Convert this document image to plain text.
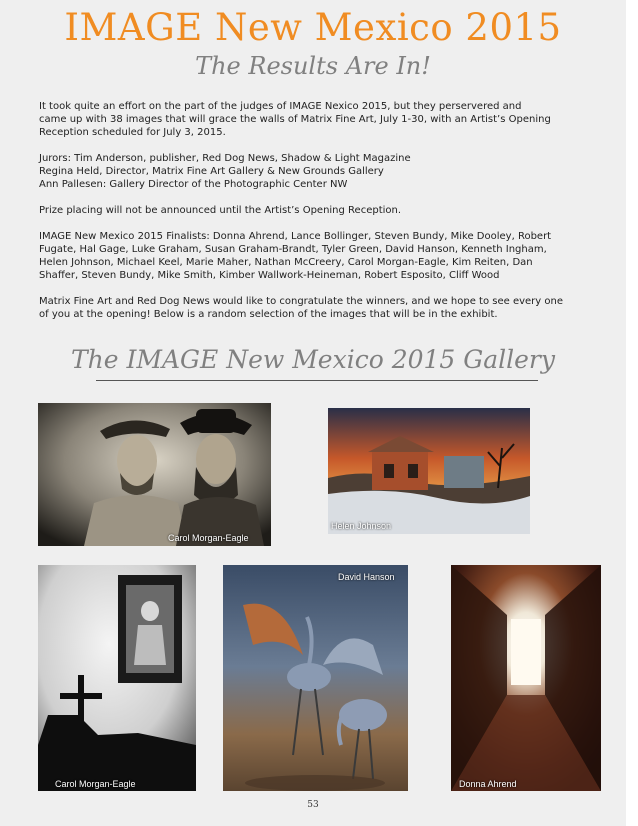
IMAGE New Mexico 2015
The Results Are In!
It took quite an effort on the part of the judges of IMAGE Nexico 2015, but they perservered and
came up with 38 images that will grace the walls of Matrix Fine Art, July 1-30, with an Artist’s Opening
Reception scheduled for July 3, 2015.
Jurors: Tim Anderson, publisher, Red Dog News, Shadow & Light Magazine
Regina Held, Director, Matrix Fine Art Gallery & New Grounds Gallery
Ann Pallesen: Gallery Director of the Photographic Center NW
Prize placing will not be announced until the Artist’s Opening Reception.
IMAGE New Mexico 2015 Finalists: Donna Ahrend, Lance Bollinger, Steven Bundy, Mike Dooley, Robert
Fugate, Hal Gage, Luke Graham, Susan Graham-Brandt, Tyler Green, David Hanson, Kenneth Ingham,
Helen Johnson, Michael Keel, Marie Maher, Nathan McCreery, Carol Morgan-Eagle, Kim Reiten, Dan
Shaffer, Steven Bundy, Mike Smith, Kimber Wallwork-Heineman, Robert Esposito, Cliff Wood
Matrix Fine Art and Red Dog News would like to congratulate the winners, and we hope to see every one
of you at the opening! Below is a random selection of the images that will be in the exhibit.
The IMAGE New Mexico 2015 Gallery
Carol Morgan-Eagle
Helen Johnson
Carol Morgan-Eagle
David Hanson
Donna Ahrend
53
